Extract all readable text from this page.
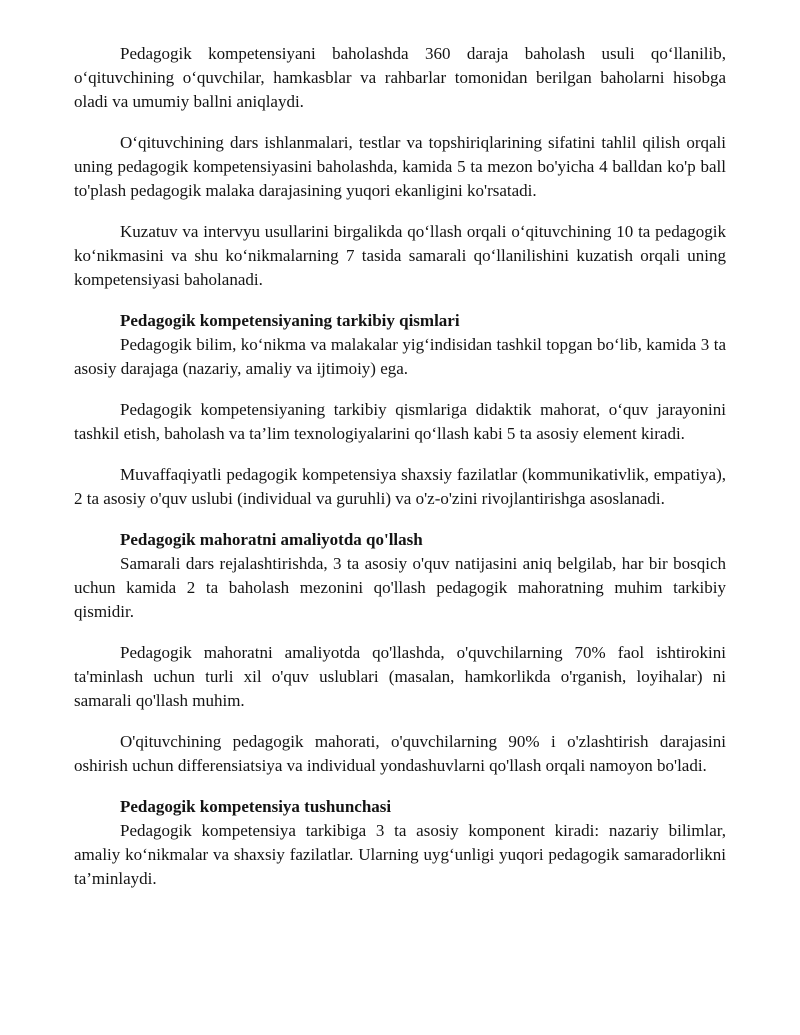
Pedagogik kompetensiyani baholashda 360 daraja baholash usuli qo‘llanilib, o‘qituvchining o‘quvchilar, hamkasblar va rahbarlar tomonidan berilgan baholarni hisobga oladi va umumiy ballni aniqlaydi.

O‘qituvchining dars ishlanmalari, testlar va topshiriqlarining sifatini tahlil qilish orqali uning pedagogik kompetensiyasini baholashda, kamida 5 ta mezon bo'yicha 4 balldan ko'p ball to'plash pedagogik malaka darajasining yuqori ekanligini ko'rsatadi.

Kuzatuv va intervyu usullarini birgalikda qo‘llash orqali o‘qituvchining 10 ta pedagogik ko‘nikmasini va shu ko‘nikmalarning 7 tasida samarali qo‘llanilishini kuzatish orqali uning kompetensiyasi baholanadi.

Pedagogik kompetensiyaning tarkibiy qismlari

Pedagogik bilim, ko‘nikma va malakalar yig‘indisidan tashkil topgan bo‘lib, kamida 3 ta asosiy darajaga (nazariy, amaliy va ijtimoiy) ega.

Pedagogik kompetensiyaning tarkibiy qismlariga didaktik mahorat, o‘quv jarayonini tashkil etish, baholash va ta’lim texnologiyalarini qo‘llash kabi 5 ta asosiy element kiradi.

Muvaffaqiyatli pedagogik kompetensiya shaxsiy fazilatlar (kommunikativlik, empatiya), 2 ta asosiy o'quv uslubi (individual va guruhli) va o'z-o'zini rivojlantirishga asoslanadi.

Pedagogik mahoratni amaliyotda qo'llash

Samarali dars rejalashtirishda, 3 ta asosiy o'quv natijasini aniq belgilab, har bir bosqich uchun kamida 2 ta baholash mezonini qo'llash pedagogik mahoratning muhim tarkibiy qismidir.

Pedagogik mahoratni amaliyotda qo'llashda, o'quvchilarning 70% faol ishtirokini ta'minlash uchun turli xil o'quv uslublari (masalan, hamkorlikda o'rganish, loyihalar) ni samarali qo'llash muhim.

O'qituvchining pedagogik mahorati, o'quvchilarning 90% i o'zlashtirish darajasini oshirish uchun differensiatsiya va individual yondashuvlarni qo'llash orqali namoyon bo'ladi.

Pedagogik kompetensiya tushunchasi

Pedagogik kompetensiya tarkibiga 3 ta asosiy komponent kiradi: nazariy bilimlar, amaliy ko‘nikmalar va shaxsiy fazilatlar. Ularning uyg‘unligi yuqori pedagogik samaradorlikni ta’minlaydi.
